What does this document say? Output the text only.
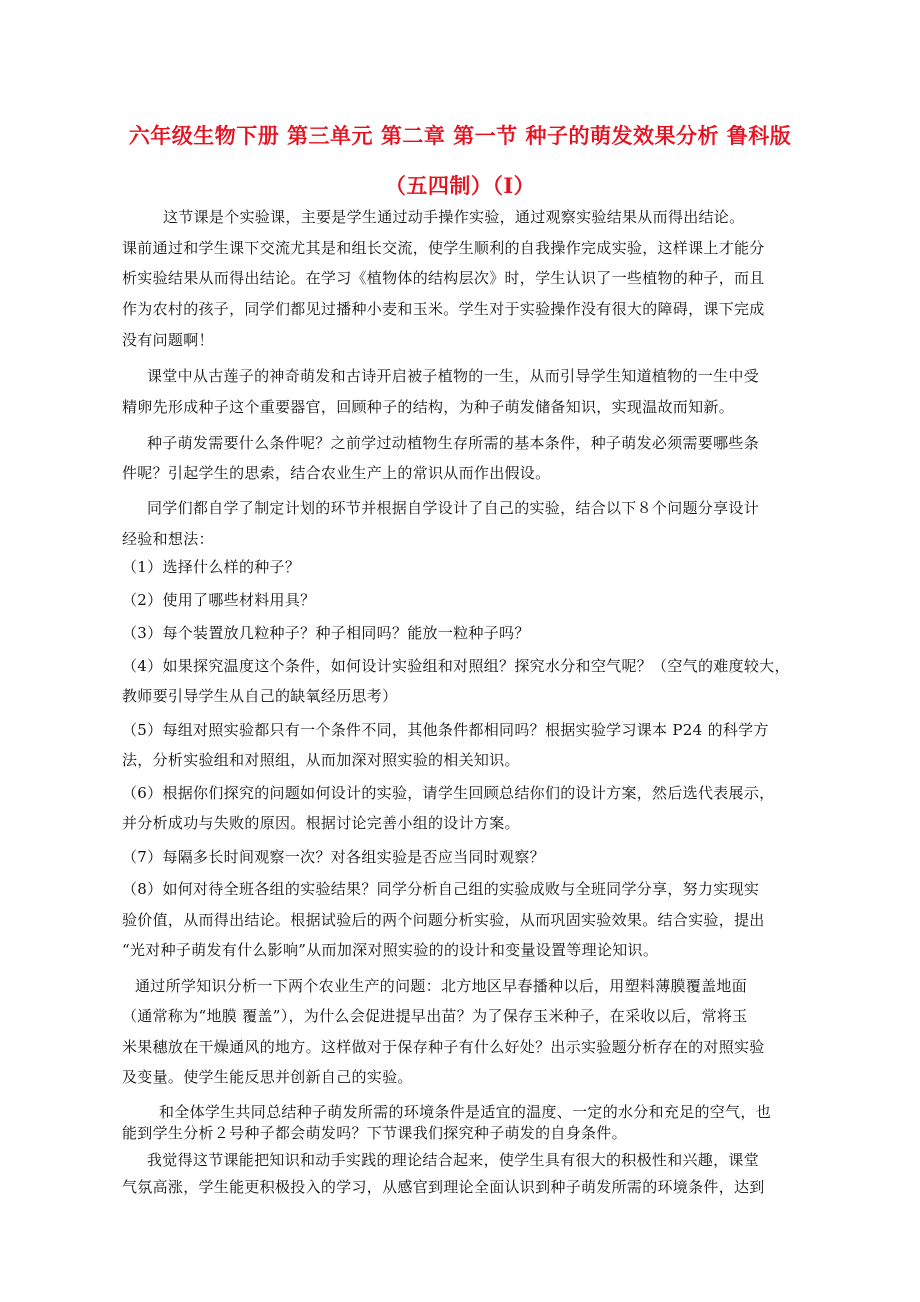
六年级生物下册 第三单元 第二章 第一节 种子的萌发效果分析 鲁科版
（五四制）（I）
这节课是个实验课，主要是学生通过动手操作实验，通过观察实验结果从而得出结论。
课前通过和学生课下交流尤其是和组长交流，使学生顺利的自我操作完成实验，这样课上才能分
析实验结果从而得出结论。在学习《植物体的结构层次》时，学生认识了一些植物的种子，而且
作为农村的孩子，同学们都见过播种小麦和玉米。学生对于实验操作没有很大的障碍，课下完成
没有问题啊！
课堂中从古莲子的神奇萌发和古诗开启被子植物的一生，从而引导学生知道植物的一生中受
精卵先形成种子这个重要器官，回顾种子的结构，为种子萌发储备知识，实现温故而知新。
种子萌发需要什么条件呢？之前学过动植物生存所需的基本条件，种子萌发必须需要哪些条
件呢？引起学生的思索，结合农业生产上的常识从而作出假设。
同学们都自学了制定计划的环节并根据自学设计了自己的实验，结合以下８个问题分享设计
经验和想法：
（1）选择什么样的种子？
（2）使用了哪些材料用具？
（3）每个装置放几粒种子？种子相同吗？能放一粒种子吗？
（4）如果探究温度这个条件，如何设计实验组和对照组？探究水分和空气呢？（空气的难度较大，
教师要引导学生从自己的缺氧经历思考）
（5）每组对照实验都只有一个条件不同，其他条件都相同吗？根据实验学习课本 P24 的科学方
法，分析实验组和对照组，从而加深对照实验的相关知识。
（6）根据你们探究的问题如何设计的实验，请学生回顾总结你们的设计方案，然后选代表展示，
并分析成功与失败的原因。根据讨论完善小组的设计方案。
（7）每隔多长时间观察一次？对各组实验是否应当同时观察？
（8）如何对待全班各组的实验结果？同学分析自己组的实验成败与全班同学分享，努力实现实
验价值，从而得出结论。根据试验后的两个问题分析实验，从而巩固实验效果。结合实验，提出
“光对种子萌发有什么影响”从而加深对照实验的的设计和变量设置等理论知识。
通过所学知识分析一下两个农业生产的问题：北方地区早春播种以后，用塑料薄膜覆盖地面
（通常称为“地膜 覆盖”），为什么会促进提早出苗？为了保存玉米种子，在采收以后，常将玉
米果穗放在干燥通风的地方。这样做对于保存种子有什么好处？出示实验题分析存在的对照实验
及变量。使学生能反思并创新自己的实验。
和全体学生共同总结种子萌发所需的环境条件是适宜的温度、一定的水分和充足的空气，也
能到学生分析２号种子都会萌发吗？下节课我们探究种子萌发的自身条件。
我觉得这节课能把知识和动手实践的理论结合起来，使学生具有很大的积极性和兴趣，课堂
气氛高涨，学生能更积极投入的学习，从感官到理论全面认识到种子萌发所需的环境条件，达到
